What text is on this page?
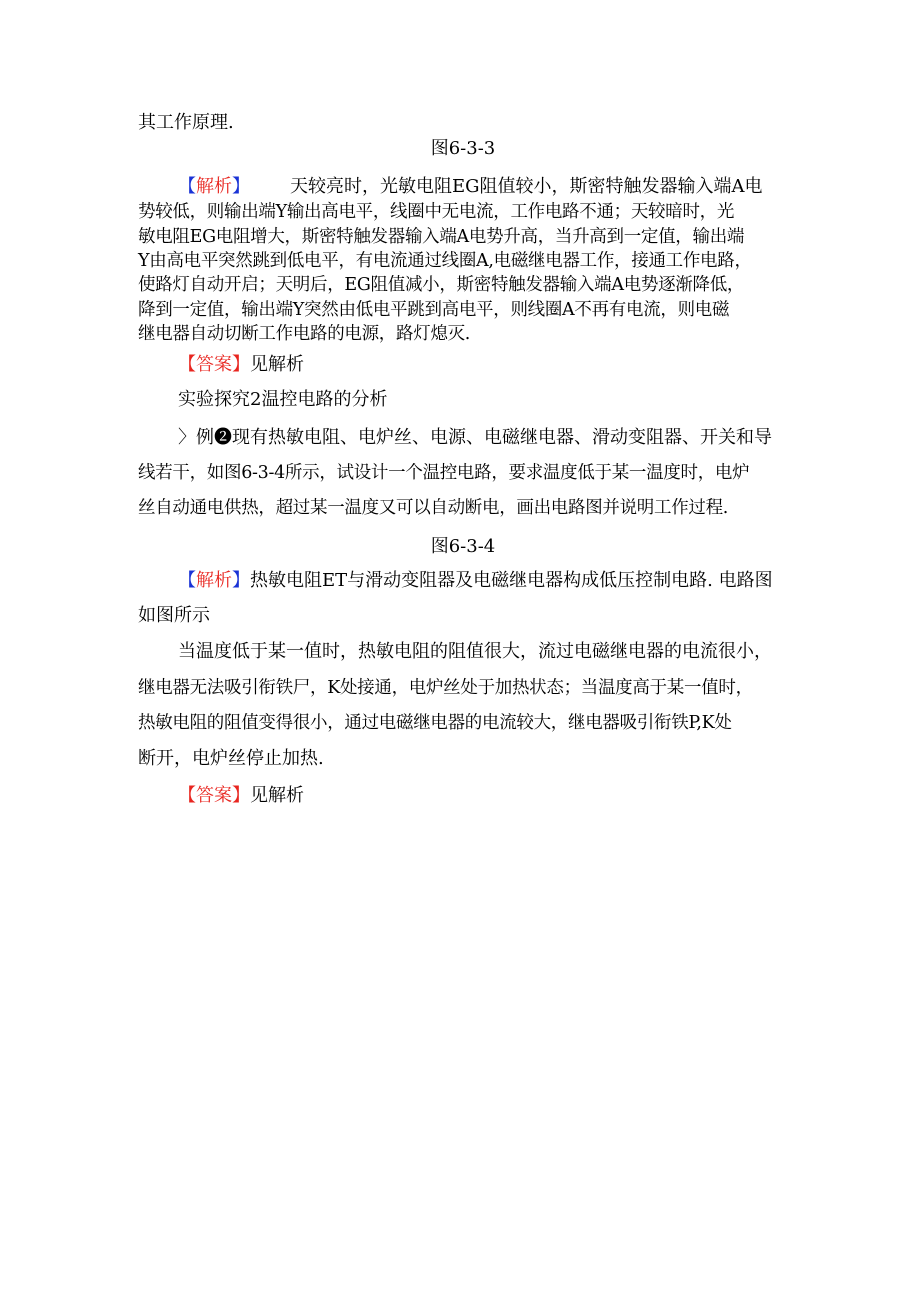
其工作原理.
图6-3-3
【解析】 天较亮时，光敏电阻EG阻值较小，斯密特触发器输入端A电
势较低，则输出端Y输出高电平，线圈中无电流，工作电路不通；天较暗时，光
敏电阻EG电阻增大，斯密特触发器输入端A电势升高，当升高到一定值，输出端
Y由高电平突然跳到低电平，有电流通过线圈A,电磁继电器工作，接通工作电路，
使路灯自动开启；天明后，EG阻值减小，斯密特触发器输入端A电势逐渐降低，
降到一定值，输出端Y突然由低电平跳到高电平，则线圈A不再有电流，则电磁
继电器自动切断工作电路的电源，路灯熄灭.
【答案】见解析
实验探究2温控电路的分析
〉例❷现有热敏电阻、电炉丝、电源、电磁继电器、滑动变阻器、开关和导
线若干，如图6-3-4所示，试设计一个温控电路，要求温度低于某一温度时，电炉
丝自动通电供热，超过某一温度又可以自动断电，画出电路图并说明工作过程.
图6-3-4
【解析】热敏电阻ET与滑动变阻器及电磁继电器构成低压控制电路. 电路图
如图所示
当温度低于某一值时，热敏电阻的阻值很大，流过电磁继电器的电流很小，
继电器无法吸引衔铁尸，K处接通，电炉丝处于加热状态；当温度高于某一值时，
热敏电阻的阻值变得很小，通过电磁继电器的电流较大，继电器吸引衔铁P,K处
断开，电炉丝停止加热.
【答案】见解析
